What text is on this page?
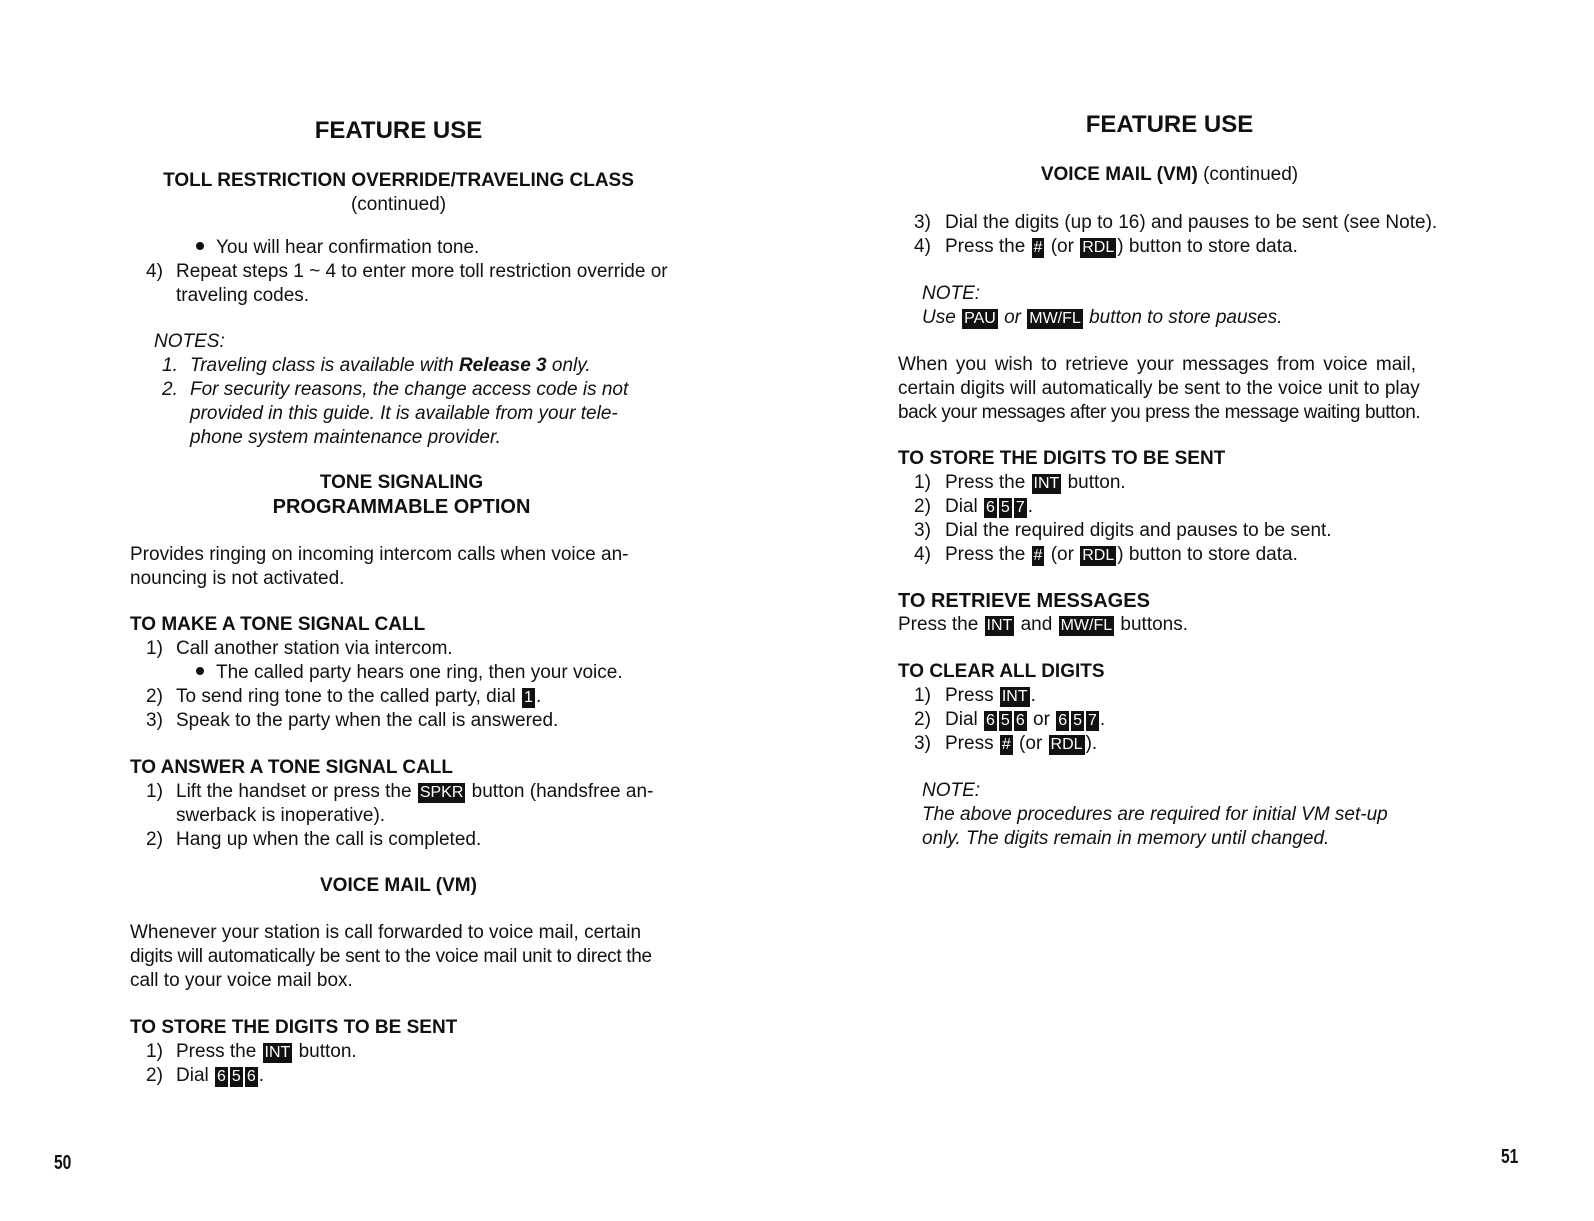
FEATURE USE
TOLL RESTRICTION OVERRIDE/TRAVELING CLASS
(continued)
You will hear confirmation tone.
4) Repeat steps 1 ~ 4 to enter more toll restriction override or
traveling codes.
NOTES:
1. Traveling class is available with Release 3 only.
2. For security reasons, the change access code is not
provided in this guide. It is available from your tele-
phone system maintenance provider.
TONE SIGNALING
PROGRAMMABLE OPTION
Provides ringing on incoming intercom calls when voice an-
nouncing is not activated.
TO MAKE A TONE SIGNAL CALL
1) Call another station via intercom.
The called party hears one ring, then your voice.
2) To send ring tone to the called party, dial 1 .
3) Speak to the party when the call is answered.
TO ANSWER A TONE SIGNAL CALL
1) Lift the handset or press the SPKR button (handsfree an-
swerback is inoperative).
2) Hang up when the call is completed.
VOICE MAIL (VM)
Whenever your station is call forwarded to voice mail, certain
digits will automatically be sent to the voice mail unit to direct the
call to your voice mail box.
TO STORE THE DIGITS TO BE SENT
1) Press the INT button.
2) Dial 6 5 6 .
50
FEATURE USE
VOICE MAIL (VM) (continued)
3) Dial the digits (up to 16) and pauses to be sent (see Note).
4) Press the # (or RDL ) button to store data.
NOTE:
Use PAU or MW/FL button to store pauses.
When you wish to retrieve your messages from voice mail,
certain digits will automatically be sent to the voice unit to play
back your messages after you press the message waiting button.
TO STORE THE DIGITS TO BE SENT
1) Press the INT button.
2) Dial 6 5 7 .
3) Dial the required digits and pauses to be sent.
4) Press the # (or RDL ) button to store data.
TO RETRIEVE MESSAGES
Press the INT and MW/FL buttons.
TO CLEAR ALL DIGITS
1) Press INT .
2) Dial 6 5 6 or 6 5 7 .
3) Press # (or RDL ).
NOTE:
The above procedures are required for initial VM set-up
only. The digits remain in memory until changed.
51
